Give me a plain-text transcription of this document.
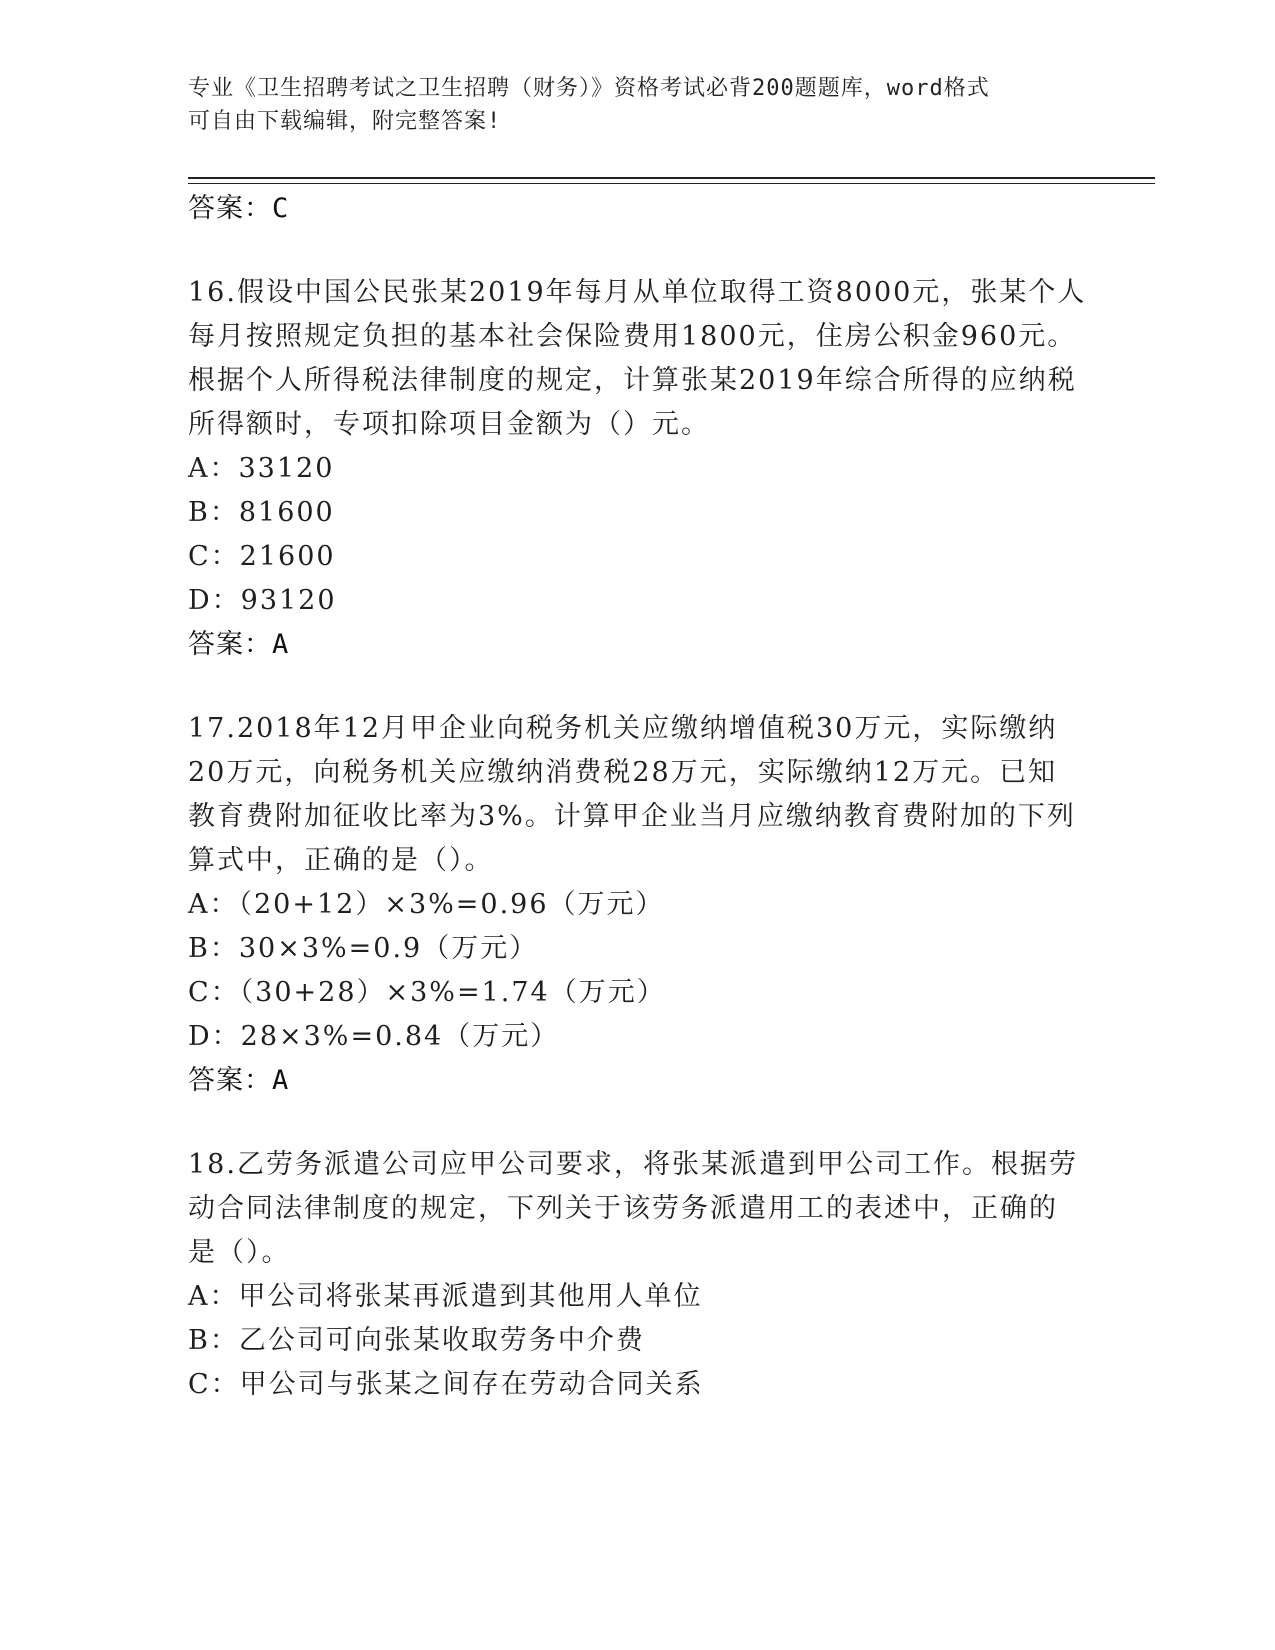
专业《卫生招聘考试之卫生招聘（财务）》资格考试必背200题题库，word格式
可自由下载编辑，附完整答案!
答案：C
16.假设中国公民张某2019年每月从单位取得工资8000元，张某个人
每月按照规定负担的基本社会保险费用1800元，住房公积金960元。
根据个人所得税法律制度的规定，计算张某2019年综合所得的应纳税
所得额时，专项扣除项目金额为（）元。
A：33120
B：81600
C：21600
D：93120
答案：A
17.2018年12月甲企业向税务机关应缴纳增值税30万元，实际缴纳
20万元，向税务机关应缴纳消费税28万元，实际缴纳12万元。已知
教育费附加征收比率为3%。计算甲企业当月应缴纳教育费附加的下列
算式中，正确的是（）。
A：（20+12）×3%=0.96（万元）
B：30×3%=0.9（万元）
C：（30+28）×3%=1.74（万元）
D：28×3%=0.84（万元）
答案：A
18.乙劳务派遣公司应甲公司要求，将张某派遣到甲公司工作。根据劳
动合同法律制度的规定，下列关于该劳务派遣用工的表述中，正确的
是（）。
A：甲公司将张某再派遣到其他用人单位
B：乙公司可向张某收取劳务中介费
C：甲公司与张某之间存在劳动合同关系
